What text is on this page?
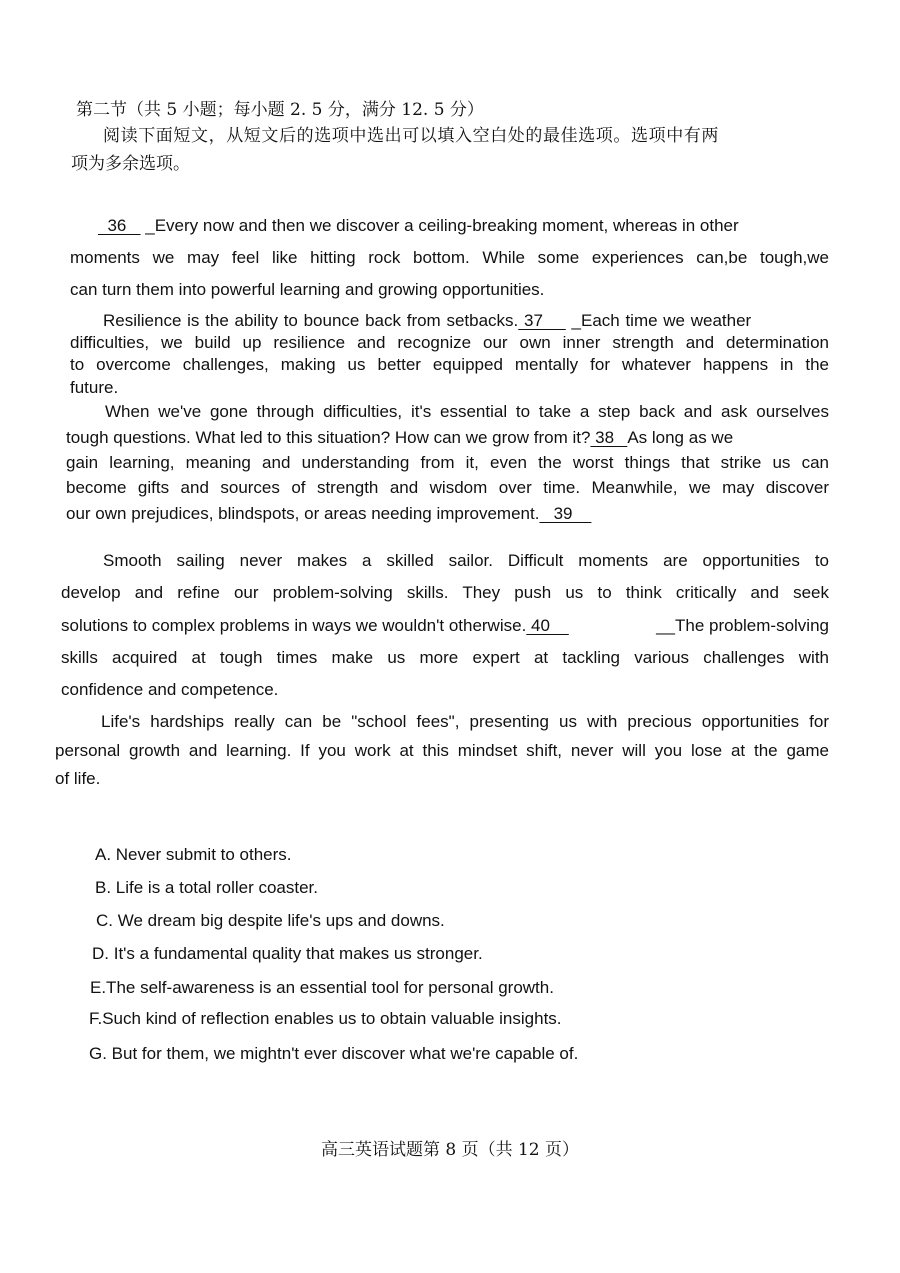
第二节（共 5 小题；每小题 2. 5 分，满分 12. 5 分）
阅读下面短文，从短文后的选项中选出可以填入空白处的最佳选项。选项中有两
项为多余选项。
36    _Every now and then we discover a ceiling-breaking moment, whereas in other
moments we may feel like hitting rock bottom. While some experiences can,be tough,we
can turn them into powerful learning and growing opportunities.
Resilience is the ability to bounce back from setbacks. 37     _Each time we weather
difficulties, we build up resilience and recognize our own inner strength and determination
to overcome challenges, making us better equipped mentally for whatever happens in the
future.
When we've gone through difficulties, it's essential to take a step back and ask ourselves
tough questions. What led to this situation? How can we grow from it? 38   As long as we
gain learning, meaning and understanding from it, even the worst things that strike us can
become gifts and sources of strength and wisdom over time. Meanwhile, we may discover
our own prejudices, blindspots, or areas needing improvement.   39
Smooth sailing never makes a skilled sailor. Difficult moments are opportunities to
develop and refine our problem-solving skills. They push us to think critically and seek
solutions to complex problems in ways we wouldn't otherwise. 40	__The problem-solving
skills acquired at tough times make us more expert at tackling various challenges with
confidence and competence.
Life's hardships really can be "school fees", presenting us with precious opportunities for
personal growth and learning. If you work at this mindset shift, never will you lose at the game
of life.
A. Never submit to others.
B. Life is a total roller coaster.
C. We dream big despite life's ups and downs.
D. It's a fundamental quality that makes us stronger.
E.The self-awareness is an essential tool for personal growth.
F.Such kind of reflection enables us to obtain valuable insights.
G. But for them, we mightn't ever discover what we're capable of.
高三英语试题第 8 页（共 12 页）
